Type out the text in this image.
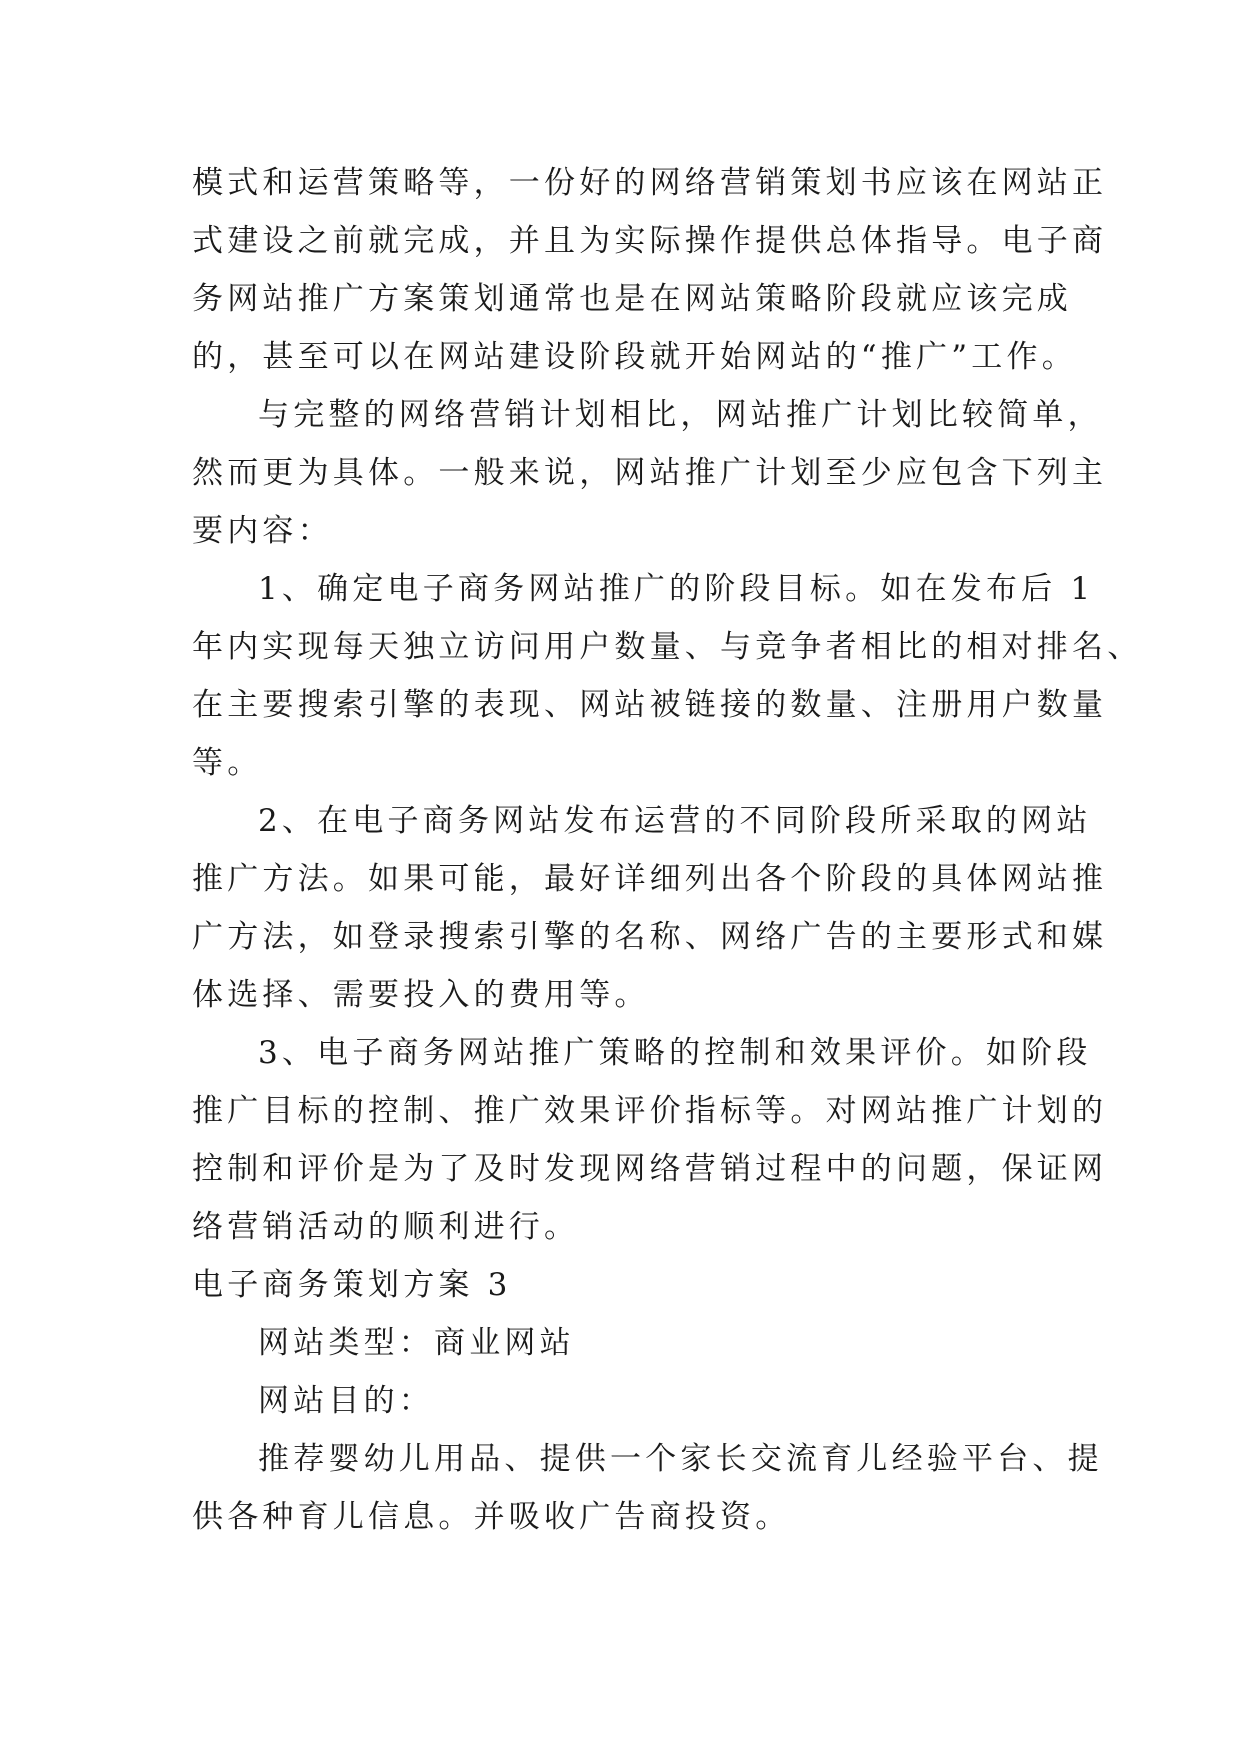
模式和运营策略等，一份好的网络营销策划书应该在网站正
式建设之前就完成，并且为实际操作提供总体指导。电子商
务网站推广方案策划通常也是在网站策略阶段就应该完成
的，甚至可以在网站建设阶段就开始网站的“推广”工作。
与完整的网络营销计划相比，网站推广计划比较简单，
然而更为具体。一般来说，网站推广计划至少应包含下列主
要内容：
1、确定电子商务网站推广的阶段目标。如在发布后 1
年内实现每天独立访问用户数量、与竞争者相比的相对排名、
在主要搜索引擎的表现、网站被链接的数量、注册用户数量
等。
2、在电子商务网站发布运营的不同阶段所采取的网站
推广方法。如果可能，最好详细列出各个阶段的具体网站推
广方法，如登录搜索引擎的名称、网络广告的主要形式和媒
体选择、需要投入的费用等。
3、电子商务网站推广策略的控制和效果评价。如阶段
推广目标的控制、推广效果评价指标等。对网站推广计划的
控制和评价是为了及时发现网络营销过程中的问题，保证网
络营销活动的顺利进行。
电子商务策划方案 3
网站类型：商业网站
网站目的：
推荐婴幼儿用品、提供一个家长交流育儿经验平台、提
供各种育儿信息。并吸收广告商投资。
